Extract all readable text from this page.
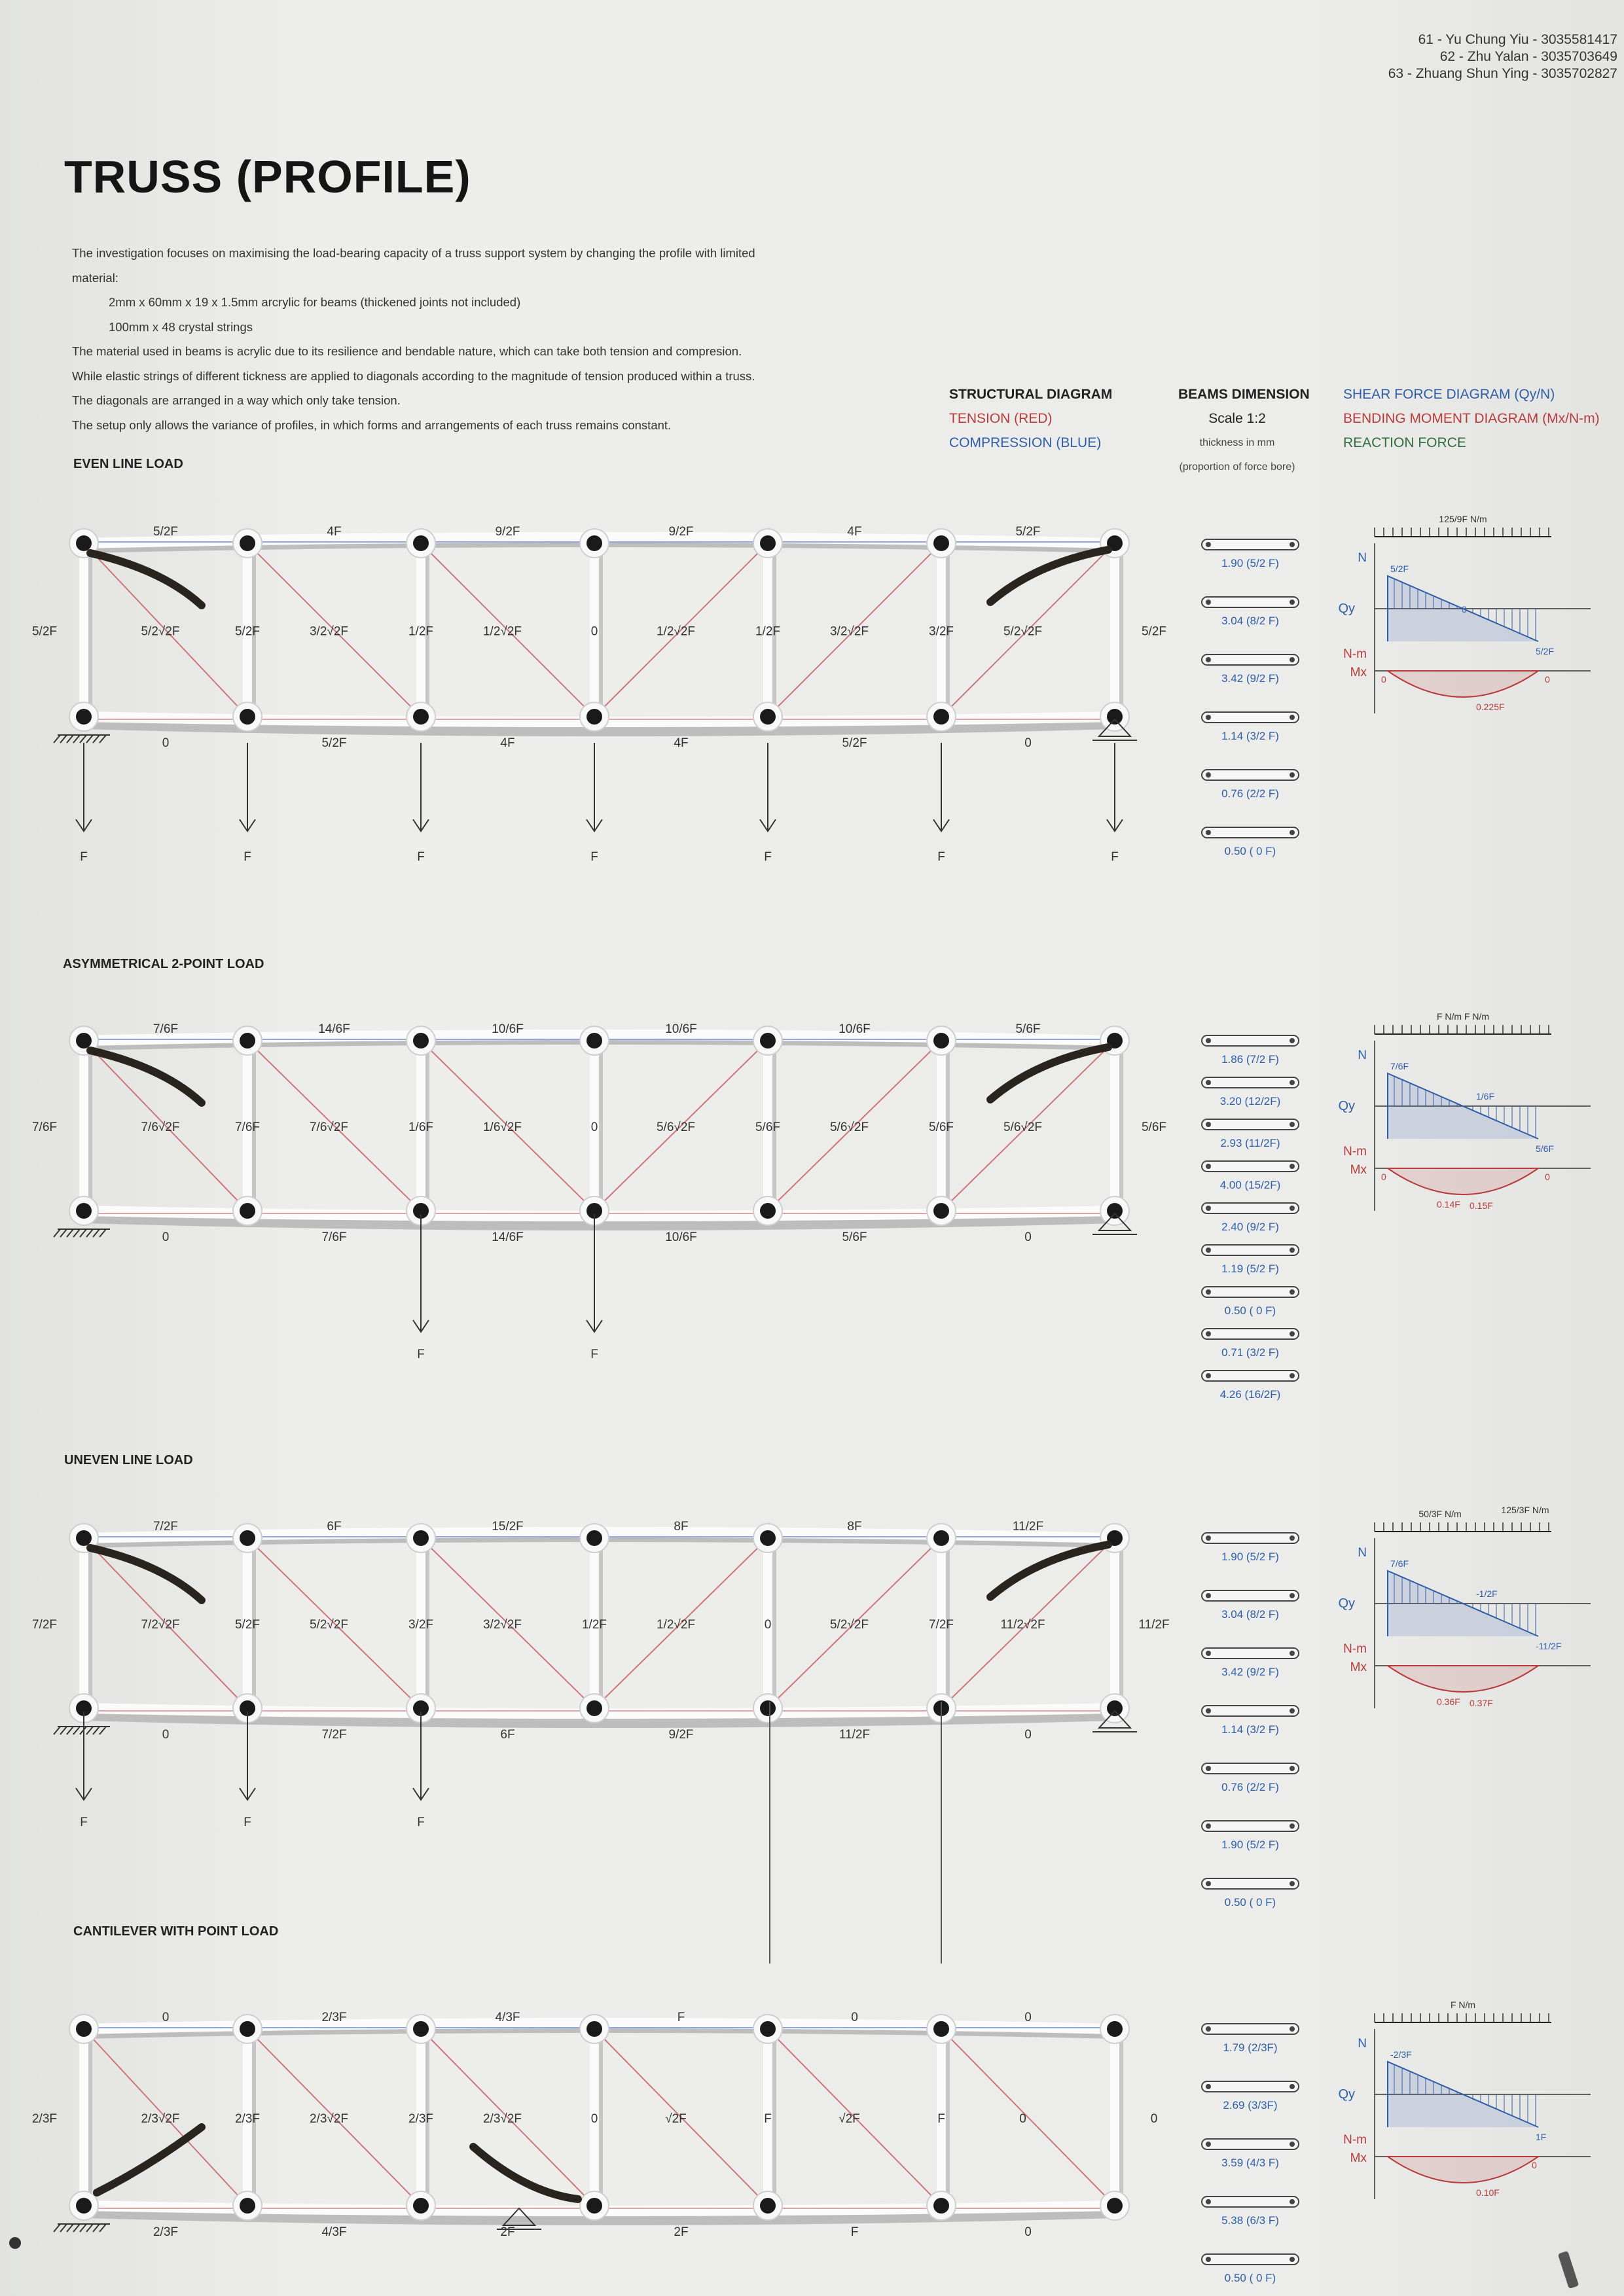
61 - Yu Chung Yiu - 3035581417
62 - Zhu Yalan - 3035703649
63 - Zhuang Shun Ying - 3035702827
TRUSS (PROFILE)

The investigation focuses on maximising the load-bearing capacity of a truss support system by changing the profile with limited

material:

2mm x 60mm x 19 x 1.5mm arcrylic for beams (thickened joints not included)

100mm x 48 crystal strings

The material used in beams is acrylic due to its resilience and bendable nature, which can take both tension and compresion.

While elastic strings of different tickness are applied to diagonals according to the magnitude of tension produced within a truss.

The diagonals are arranged in a way which only take tension.

The setup only allows the variance of profiles, in which forms and arrangements of each truss remains constant.

STRUCTURAL DIAGRAM
TENSION (RED)
COMPRESSION (BLUE)
BEAMS DIMENSION
Scale 1:2
thickness in mm
(proportion of force bore)
SHEAR FORCE DIAGRAM (Qy/N)
BENDING MOMENT DIAGRAM (Mx/N-m)
REACTION FORCE
EVEN LINE LOAD
ASYMMETRICAL 2-POINT LOAD
UNEVEN LINE LOAD
CANTILEVER WITH POINT LOAD
5/2F	4F	9/2F	9/2F	4F	5/2F
0	5/2F	4F	4F	5/2F	0
5/2F	5/2√2F	5/2F	3/2√2F	1/2F	1/2√2F	0	1/2√2F	1/2F	3/2√2F	3/2F	5/2√2F	5/2F
F	F	F	F	F	F	F
1.90 (5/2 F)
3.04 (8/2 F)
3.42 (9/2 F)
1.14 (3/2 F)
0.76 (2/2 F)
0.50 ( 0 F)
125/9F N/m
N
Qy
5/2F
5/2F
0
N-m
Mx
0.225F
0	0
7/6F	14/6F	10/6F	10/6F	10/6F	5/6F
0	7/6F	14/6F	10/6F	5/6F	0
7/6F	7/6√2F	7/6F	7/6√2F	1/6F	1/6√2F	0	5/6√2F	5/6F	5/6√2F	5/6F	5/6√2F	5/6F
F	F
1.86 (7/2 F)
3.20 (12/2F)
2.93 (11/2F)
4.00 (15/2F)
2.40 (9/2 F)
1.19 (5/2 F)
0.50 ( 0 F)
0.71 (3/2 F)
4.26 (16/2F)
F N/m F N/m
N
Qy
7/6F
1/6F
5/6F
N-m
Mx
0.14F 0.15F
0	0
7/2F	6F	15/2F	8F	8F	11/2F
0	7/2F	6F	9/2F	11/2F	0
7/2F	7/2√2F	5/2F	5/2√2F	3/2F	3/2√2F	1/2F	1/2√2F	0	5/2√2F	7/2F	11/2√2F	11/2F
F	F	F
1.90 (5/2 F)
3.04 (8/2 F)
3.42 (9/2 F)
1.14 (3/2 F)
0.76 (2/2 F)
1.90 (5/2 F)
0.50 ( 0 F)
50/3F N/m	125/3F N/m
N
Qy
7/6F
-1/2F
-11/2F
N-m
Mx
0.36F 0.37F
0	2/3F	4/3F	F	0	0
2/3F	4/3F	2F	2F	F	0
2/3F	2/3√2F	2/3F	2/3√2F	2/3F	2/3√2F	0	√2F	F	√2F	F	0	0
1.79 (2/3F)
2.69 (3/3F)
3.59 (4/3 F)
5.38 (6/3 F)
0.50 ( 0 F)
F N/m
N
Qy
-2/3F
1F
N-m
Mx
0.10F
0
